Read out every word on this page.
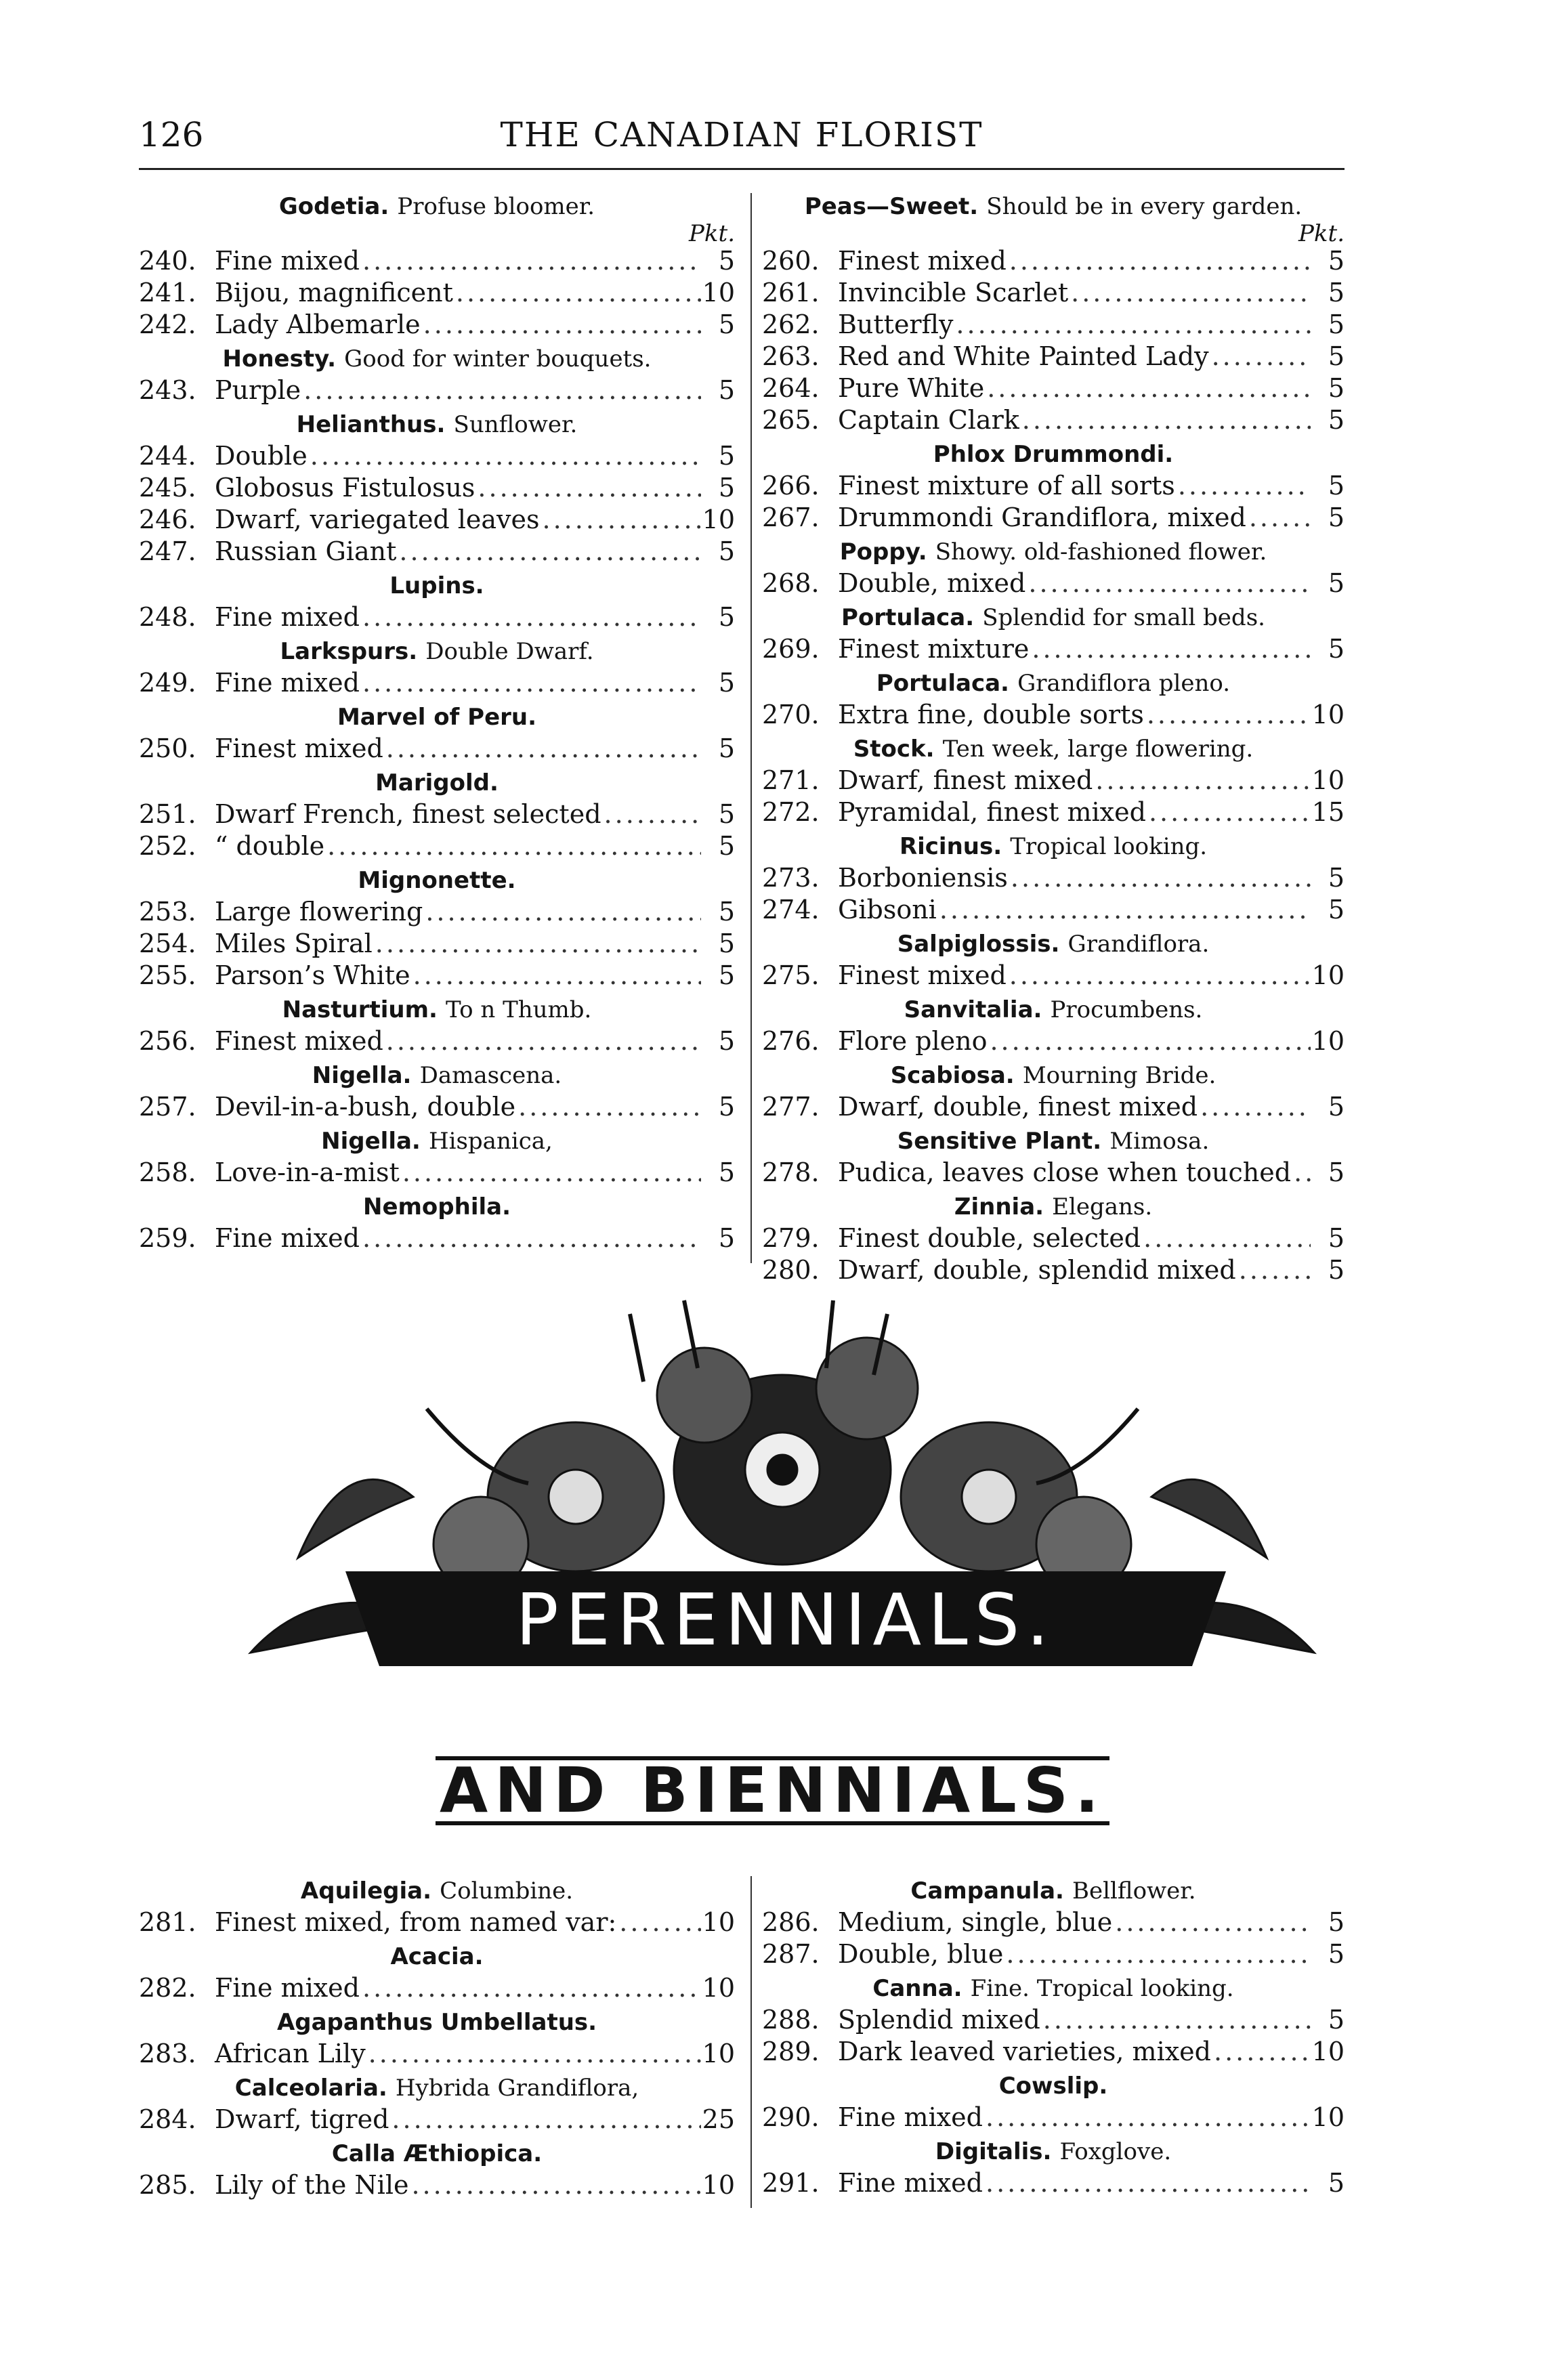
126	THE CANADIAN FLORIST
Godetia. Profuse bloomer.
Pkt.
240. Fine mixed .....	5
241. Bijou, magnificent .....	10
242. Lady Albemarle .....	5
Honesty. Good for winter bouquets.
243. Purple .....	5
Helianthus. Sunflower.
244. Double .....	5
245. Globosus Fistulosus .....	5
246. Dwarf, variegated leaves .....	10
247. Russian Giant .....	5
Lupins.
248. Fine mixed .....	5
Larkspurs. Double Dwarf.
249. Fine mixed .....	5
Marvel of Peru.
250. Finest mixed .....	5
Marigold.
251. Dwarf French, finest selected .....	5
252. “ double .....	5
Mignonette.
253. Large flowering .....	5
254. Miles Spiral .....	5
255. Parson’s White .....	5
Nasturtium. To n Thumb.
256. Finest mixed .....	5
Nigella. Damascena.
257. Devil-in-a-bush, double .....	5
Nigella. Hispanica,
258. Love-in-a-mist .....	5
Nemophila.
259. Fine mixed .....	5
Peas—Sweet. Should be in every garden.
Pkt.
260. Finest mixed .....	5
261. Invincible Scarlet .....	5
262. Butterfly .....	5
263. Red and White Painted Lady .....	5
264. Pure White .....	5
265. Captain Clark .....	5
Phlox Drummondi.
266. Finest mixture of all sorts .....	5
267. Drummondi Grandiflora, mixed .....	5
Poppy. Showy. old-fashioned flower.
268. Double, mixed .....	5
Portulaca. Splendid for small beds.
269. Finest mixture .....	5
Portulaca. Grandiflora pleno.
270. Extra fine, double sorts .....	10
Stock. Ten week, large flowering.
271. Dwarf, finest mixed .....	10
272. Pyramidal, finest mixed .....	15
Ricinus. Tropical looking.
273. Borboniensis .....	5
274. Gibsoni .....	5
Salpiglossis. Grandiflora.
275. Finest mixed .....	10
Sanvitalia. Procumbens.
276. Flore pleno .....	10
Scabiosa. Mourning Bride.
277. Dwarf, double, finest mixed .....	5
Sensitive Plant. Mimosa.
278. Pudica, leaves close when touched .....	5
Zinnia. Elegans.
279. Finest double, selected .....	5
280. Dwarf, double, splendid mixed .....	5
PERENNIALS.
AND BIENNIALS.
Aquilegia. Columbine.
281. Finest mixed, from named var: .....	10
Acacia.
282. Fine mixed .....	10
Agapanthus Umbellatus.
283. African Lily .....	10
Calceolaria. Hybrida Grandiflora,
284. Dwarf, tigred .....	25
Calla Æthiopica.
285. Lily of the Nile .....	10
Campanula. Bellflower.
286. Medium, single, blue .....	5
287. Double, blue .....	5
Canna. Fine. Tropical looking.
288. Splendid mixed .....	5
289. Dark leaved varieties, mixed .....	10
Cowslip.
290. Fine mixed .....	10
Digitalis. Foxglove.
291. Fine mixed .....	5
